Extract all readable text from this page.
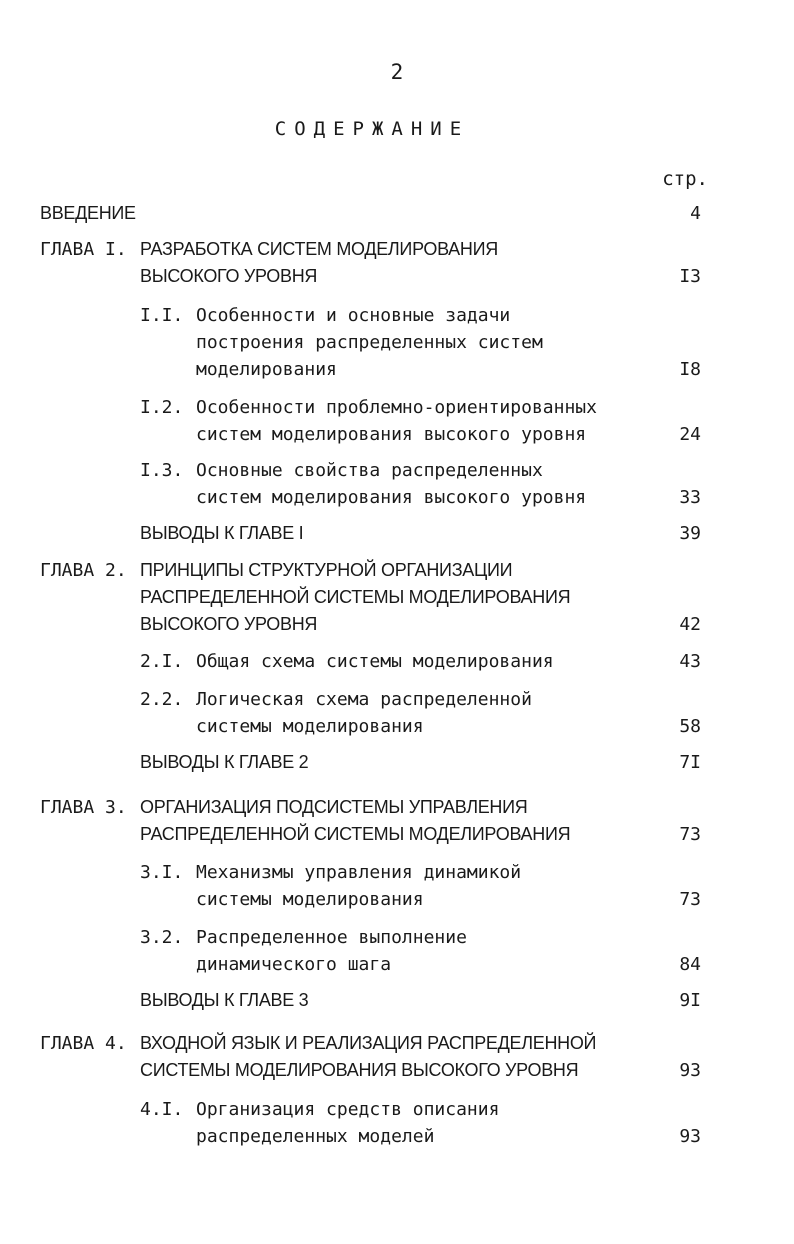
2
СОДЕРЖАНИЕ
стр.
ВВЕДЕНИЕ	4
ГЛАВА I. РАЗРАБОТКА СИСТЕМ МОДЕЛИРОВАНИЯ
ВЫСОКОГО УРОВНЯ	I3
I.I. Особенности и основные задачи
построения распределенных систем
моделирования	I8
I.2. Особенности проблемно-ориентированных
систем моделирования высокого уровня	24
I.3. Основные свойства распределенных
систем моделирования высокого уровня	33
ВЫВОДЫ К ГЛАВЕ I	39
ГЛАВА 2. ПРИНЦИПЫ СТРУКТУРНОЙ ОРГАНИЗАЦИИ
РАСПРЕДЕЛЕННОЙ СИСТЕМЫ МОДЕЛИРОВАНИЯ
ВЫСОКОГО УРОВНЯ	42
2.I. Общая схема системы моделирования	43
2.2. Логическая схема распределенной
системы моделирования	58
ВЫВОДЫ К ГЛАВЕ 2	7I
ГЛАВА 3. ОРГАНИЗАЦИЯ ПОДСИСТЕМЫ УПРАВЛЕНИЯ
РАСПРЕДЕЛЕННОЙ СИСТЕМЫ МОДЕЛИРОВАНИЯ	73
3.I. Механизмы управления динамикой
системы моделирования	73
3.2. Распределенное выполнение
динамического шага	84
ВЫВОДЫ К ГЛАВЕ 3	9I
ГЛАВА 4. ВХОДНОЙ ЯЗЫК И РЕАЛИЗАЦИЯ РАСПРЕДЕЛЕННОЙ
СИСТЕМЫ МОДЕЛИРОВАНИЯ ВЫСОКОГО УРОВНЯ	93
4.I. Организация средств описания
распределенных моделей	93
